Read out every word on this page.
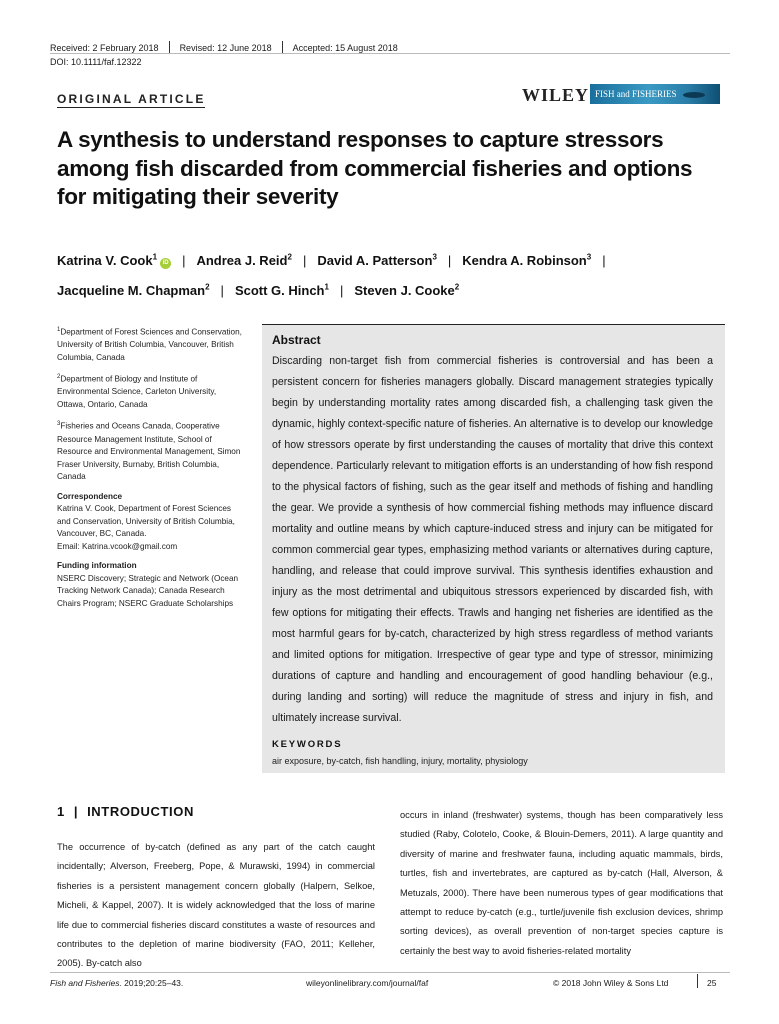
Received: 2 February 2018 Revised: 12 June 2018 Accepted: 15 August 2018
DOI: 10.1111/faf.12322
ORIGINAL ARTICLE	WILEY FISH and FISHERIES
A synthesis to understand responses to capture stressors among fish discarded from commercial fisheries and options for mitigating their severity
Katrina V. Cook$^1$iD | Andrea J. Reid$^2$ | David A. Patterson$^3$ | Kendra A. Robinson$^3$ |
Jacqueline M. Chapman$^2$ | Scott G. Hinch$^1$ | Steven J. Cooke$^2$

$^1$Department of Forest Sciences and Conservation, University of British Columbia, Vancouver, British Columbia, Canada

$^2$Department of Biology and Institute of Environmental Science, Carleton University, Ottawa, Ontario, Canada

$^3$Fisheries and Oceans Canada, Cooperative Resource Management Institute, School of Resource and Environmental Management, Simon Fraser University, Burnaby, British Columbia, Canada

Correspondence
Katrina V. Cook, Department of Forest Sciences and Conservation, University of British Columbia, Vancouver, BC, Canada.
Email: Katrina.vcook@gmail.com

Funding information
NSERC Discovery; Strategic and Network (Ocean Tracking Network Canada); Canada Research Chairs Program; NSERC Graduate Scholarships

Abstract
Discarding non-target fish from commercial fisheries is controversial and has been a persistent concern for fisheries managers globally. Discard management strategies typically begin by understanding mortality rates among discarded fish, a challenging task given the dynamic, highly context-specific nature of fisheries. An alternative is to develop our knowledge of how stressors operate by first understanding the causes of mortality that drive this context dependence. Particularly relevant to mitigation efforts is an understanding of how fish respond to the physical factors of fishing, such as the gear itself and methods of fishing and handling the gear. We provide a synthesis of how commercial fishing methods may influence discard mortality and outline means by which capture-induced stress and injury can be mitigated for common commercial gear types, emphasizing method variants or alternatives during capture, handling, and release that could improve survival. This synthesis identifies exhaustion and injury as the most detrimental and ubiquitous stressors experienced by discarded fish, with few options for mitigating their effects. Trawls and hanging net fisheries are identified as the most harmful gears for by-catch, characterized by high stress regardless of method variants and limited options for mitigation. Irrespective of gear type and type of stressor, minimizing durations of capture and handling and encouragement of good handling behaviour (e.g., during landing and sorting) will reduce the magnitude of stress and injury in fish, and ultimately increase survival.
KEYWORDS
air exposure, by-catch, fish handling, injury, mortality, physiology
1 | INTRODUCTION
The occurrence of by-catch (defined as any part of the catch caught incidentally; Alverson, Freeberg, Pope, & Murawski, 1994) in commercial fisheries is a persistent management concern globally (Halpern, Selkoe, Micheli, & Kappel, 2007). It is widely acknowledged that the loss of marine life due to commercial fisheries discard constitutes a waste of resources and contributes to the depletion of marine biodiversity (FAO, 2011; Kelleher, 2005). By-catch also
occurs in inland (freshwater) systems, though has been comparatively less studied (Raby, Colotelo, Cooke, & Blouin-Demers, 2011). A large quantity and diversity of marine and freshwater fauna, including aquatic mammals, birds, turtles, fish and invertebrates, are captured as by-catch (Hall, Alverson, & Metuzals, 2000). There have been numerous types of gear modifications that attempt to reduce by-catch (e.g., turtle/juvenile fish exclusion devices, shrimp sorting devices), as overall prevention of non-target species capture is certainly the best way to avoid fisheries-related mortality
Fish and Fisheries. 2019;20:25–43.	wileyonlinelibrary.com/journal/faf	© 2018 John Wiley & Sons Ltd	25
